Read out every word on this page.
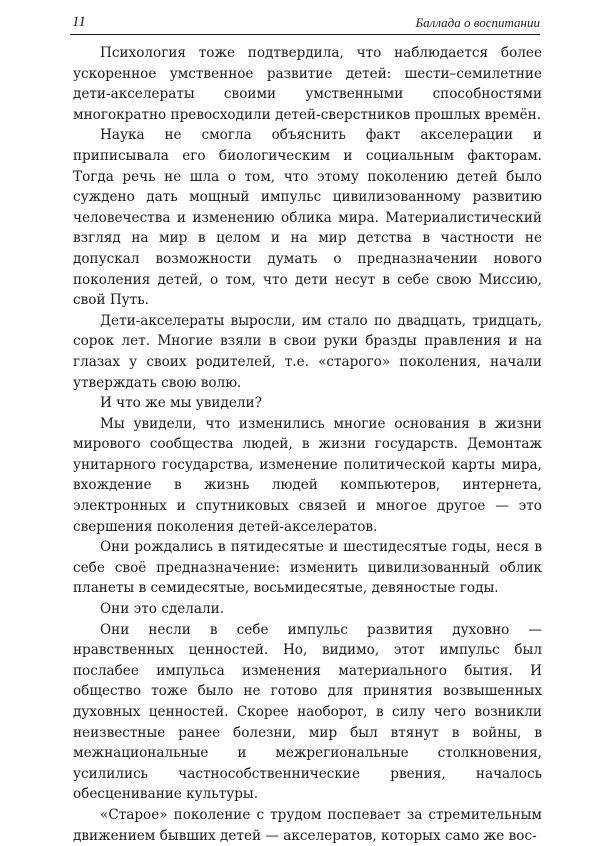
11	Баллада о воспитании

Психология тоже подтвердила, что наблюдается более ускоренное умственное развитие детей: шести–семилетние дети-акселераты своими умственными способностями многократно превосходили детей-сверстников прошлых времён.

Наука не смогла объяснить факт акселерации и приписывала его биологическим и социальным факторам. Тогда речь не шла о том, что этому поколению детей было суждено дать мощный импульс цивилизованному развитию человечества и изменению облика мира. Материалистический взгляд на мир в целом и на мир детства в частности не допускал возможности думать о предназначении нового поколения детей, о том, что дети несут в себе свою Миссию, свой Путь.

Дети-акселераты выросли, им стало по двадцать, тридцать, сорок лет. Многие взяли в свои руки бразды правления и на глазах у своих родителей, т.е. «старого» поколения, начали утверждать свою волю.

И что же мы увидели?

Мы увидели, что изменились многие основания в жизни мирового сообщества людей, в жизни государств. Демонтаж унитарного государства, изменение политической карты мира, вхождение в жизнь людей компьютеров, интернета, электронных и спутниковых связей и многое другое — это свершения поколения детей-акселератов.

Они рождались в пятидесятые и шестидесятые годы, неся в себе своё предназначение: изменить цивилизованный облик планеты в семидесятые, восьмидесятые, девяностые годы.

Они это сделали.

Они несли в себе импульс развития духовно — нравственных ценностей. Но, видимо, этот импульс был послабее импульса изменения материального бытия. И общество тоже было не готово для принятия возвышенных духовных ценностей. Скорее наоборот, в силу чего возникли неизвестные ранее болезни, мир был втянут в войны, в межнациональные и межрегиональные столкновения, усилились частнособственнические рвения, началось обесценивание культуры.

«Старое» поколение с трудом поспевает за стремительным движением бывших детей — акселератов, которых само же вос-
